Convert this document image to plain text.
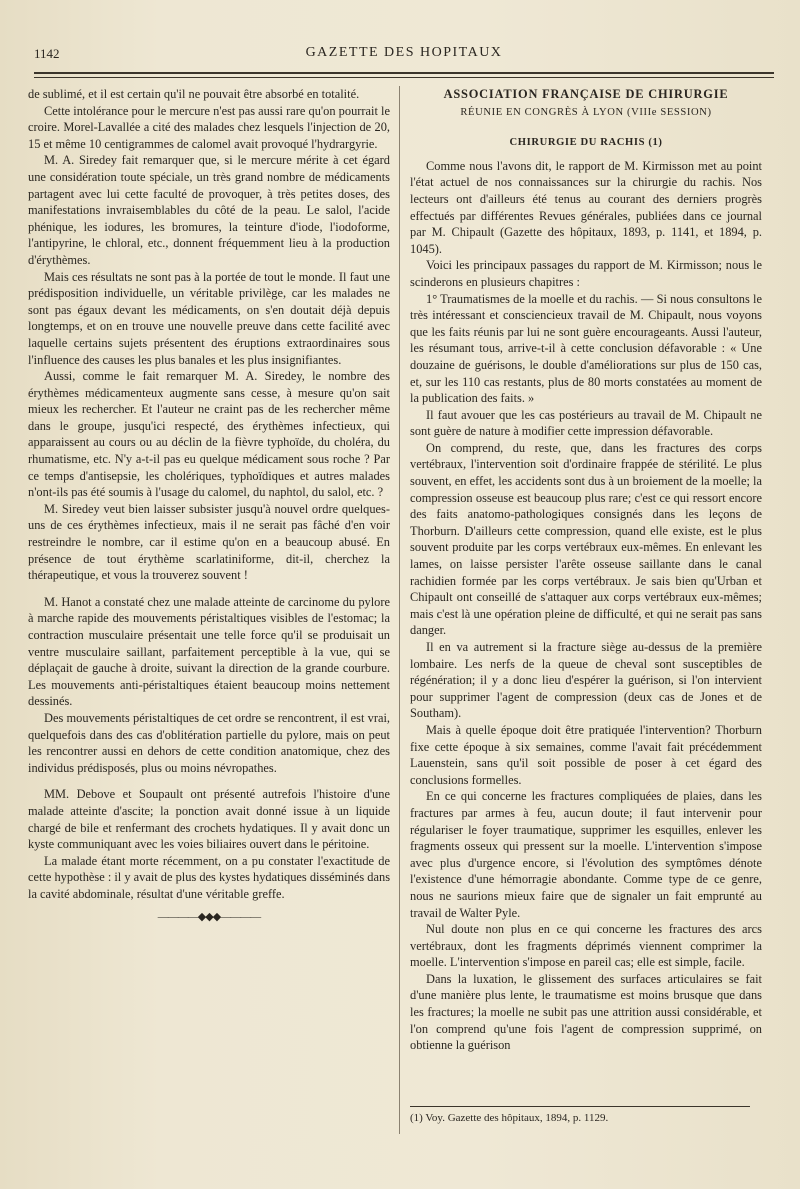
1142	GAZETTE DES HOPITAUX

de sublimé, et il est certain qu'il ne pouvait être absorbé en totalité.

Cette intolérance pour le mercure n'est pas aussi rare qu'on pourrait le croire. Morel-Lavallée a cité des malades chez lesquels l'injection de 20, 15 et même 10 centigrammes de calomel avait provoqué l'hydrargyrie.

M. A. Siredey fait remarquer que, si le mercure mérite à cet égard une considération toute spéciale, un très grand nombre de médicaments partagent avec lui cette faculté de provoquer, à très petites doses, des manifestations invraisemblables du côté de la peau. Le salol, l'acide phénique, les iodures, les bromures, la teinture d'iode, l'iodoforme, l'antipyrine, le chloral, etc., donnent fréquemment lieu à la production d'érythèmes.

Mais ces résultats ne sont pas à la portée de tout le monde. Il faut une prédisposition individuelle, un véritable privilège, car les malades ne sont pas égaux devant les médicaments, on s'en doutait déjà depuis longtemps, et on en trouve une nouvelle preuve dans cette facilité avec laquelle certains sujets présentent des éruptions extraordinaires sous l'influence des causes les plus banales et les plus insignifiantes.

Aussi, comme le fait remarquer M. A. Siredey, le nombre des érythèmes médicamenteux augmente sans cesse, à mesure qu'on sait mieux les rechercher. Et l'auteur ne craint pas de les rechercher même dans le groupe, jusqu'ici respecté, des érythèmes infectieux, qui apparaissent au cours ou au déclin de la fièvre typhoïde, du choléra, du rhumatisme, etc. N'y a-t-il pas eu quelque médicament sous roche ? Par ce temps d'antisepsie, les cholériques, typhoïdiques et autres malades n'ont-ils pas été soumis à l'usage du calomel, du naphtol, du salol, etc. ?

M. Siredey veut bien laisser subsister jusqu'à nouvel ordre quelques-uns de ces érythèmes infectieux, mais il ne serait pas fâché d'en voir restreindre le nombre, car il estime qu'on en a beaucoup abusé. En présence de tout érythème scarlatiniforme, dit-il, cherchez la thérapeutique, et vous la trouverez souvent !

M. Hanot a constaté chez une malade atteinte de carcinome du pylore à marche rapide des mouvements péristaltiques visibles de l'estomac; la contraction musculaire présentait une telle force qu'il se produisait un ventre musculaire saillant, parfaitement perceptible à la vue, qui se déplaçait de gauche à droite, suivant la direction de la grande courbure. Les mouvements anti-péristaltiques étaient beaucoup moins nettement dessinés.

Des mouvements péristaltiques de cet ordre se rencontrent, il est vrai, quelquefois dans des cas d'oblitération partielle du pylore, mais on peut les rencontrer aussi en dehors de cette condition anatomique, chez des individus prédisposés, plus ou moins névropathes.

MM. Debove et Soupault ont présenté autrefois l'histoire d'une malade atteinte d'ascite; la ponction avait donné issue à un liquide chargé de bile et renfermant des crochets hydatiques. Il y avait donc un kyste communiquant avec les voies biliaires ouvert dans le péritoine.

La malade étant morte récemment, on a pu constater l'exactitude de cette hypothèse : il y avait de plus des kystes hydatiques disséminés dans la cavité abdominale, résultat d'une véritable greffe.

————◆◆◆————
ASSOCIATION FRANÇAISE DE CHIRURGIE
RÉUNIE EN CONGRÈS À LYON (VIIIe SESSION)
CHIRURGIE DU RACHIS (1)

Comme nous l'avons dit, le rapport de M. Kirmisson met au point l'état actuel de nos connaissances sur la chirurgie du rachis. Nos lecteurs ont d'ailleurs été tenus au courant des derniers progrès effectués par différentes Revues générales, publiées dans ce journal par M. Chipault (Gazette des hôpitaux, 1893, p. 1141, et 1894, p. 1045).

Voici les principaux passages du rapport de M. Kirmisson; nous le scinderons en plusieurs chapitres :

1° Traumatismes de la moelle et du rachis. — Si nous consultons le très intéressant et consciencieux travail de M. Chipault, nous voyons que les faits réunis par lui ne sont guère encourageants. Aussi l'auteur, les résumant tous, arrive-t-il à cette conclusion défavorable : « Une douzaine de guérisons, le double d'améliorations sur plus de 150 cas, et, sur les 110 cas restants, plus de 80 morts constatées au moment de la publication des faits. »

Il faut avouer que les cas postérieurs au travail de M. Chipault ne sont guère de nature à modifier cette impression défavorable.

On comprend, du reste, que, dans les fractures des corps vertébraux, l'intervention soit d'ordinaire frappée de stérilité. Le plus souvent, en effet, les accidents sont dus à un broiement de la moelle; la compression osseuse est beaucoup plus rare; c'est ce qui ressort encore des faits anatomo-pathologiques consignés dans les leçons de Thorburn. D'ailleurs cette compression, quand elle existe, est le plus souvent produite par les corps vertébraux eux-mêmes. En enlevant les lames, on laisse persister l'arête osseuse saillante dans le canal rachidien formée par les corps vertébraux. Je sais bien qu'Urban et Chipault ont conseillé de s'attaquer aux corps vertébraux eux-mêmes; mais c'est là une opération pleine de difficulté, et qui ne serait pas sans danger.

Il en va autrement si la fracture siège au-dessus de la première lombaire. Les nerfs de la queue de cheval sont susceptibles de régénération; il y a donc lieu d'espérer la guérison, si l'on intervient pour supprimer l'agent de compression (deux cas de Jones et de Southam).

Mais à quelle époque doit être pratiquée l'intervention? Thorburn fixe cette époque à six semaines, comme l'avait fait précédemment Lauenstein, sans qu'il soit possible de poser à cet égard des conclusions formelles.

En ce qui concerne les fractures compliquées de plaies, dans les fractures par armes à feu, aucun doute; il faut intervenir pour régulariser le foyer traumatique, supprimer les esquilles, enlever les fragments osseux qui pressent sur la moelle. L'intervention s'impose avec plus d'urgence encore, si l'évolution des symptômes dénote l'existence d'une hémorragie abondante. Comme type de ce genre, nous ne saurions mieux faire que de signaler un fait emprunté au travail de Walter Pyle.

Nul doute non plus en ce qui concerne les fractures des arcs vertébraux, dont les fragments déprimés viennent comprimer la moelle. L'intervention s'impose en pareil cas; elle est simple, facile.

Dans la luxation, le glissement des surfaces articulaires se fait d'une manière plus lente, le traumatisme est moins brusque que dans les fractures; la moelle ne subit pas une attrition aussi considérable, et l'on comprend qu'une fois l'agent de compression supprimé, on obtienne la guérison

(1) Voy. Gazette des hôpitaux, 1894, p. 1129.
